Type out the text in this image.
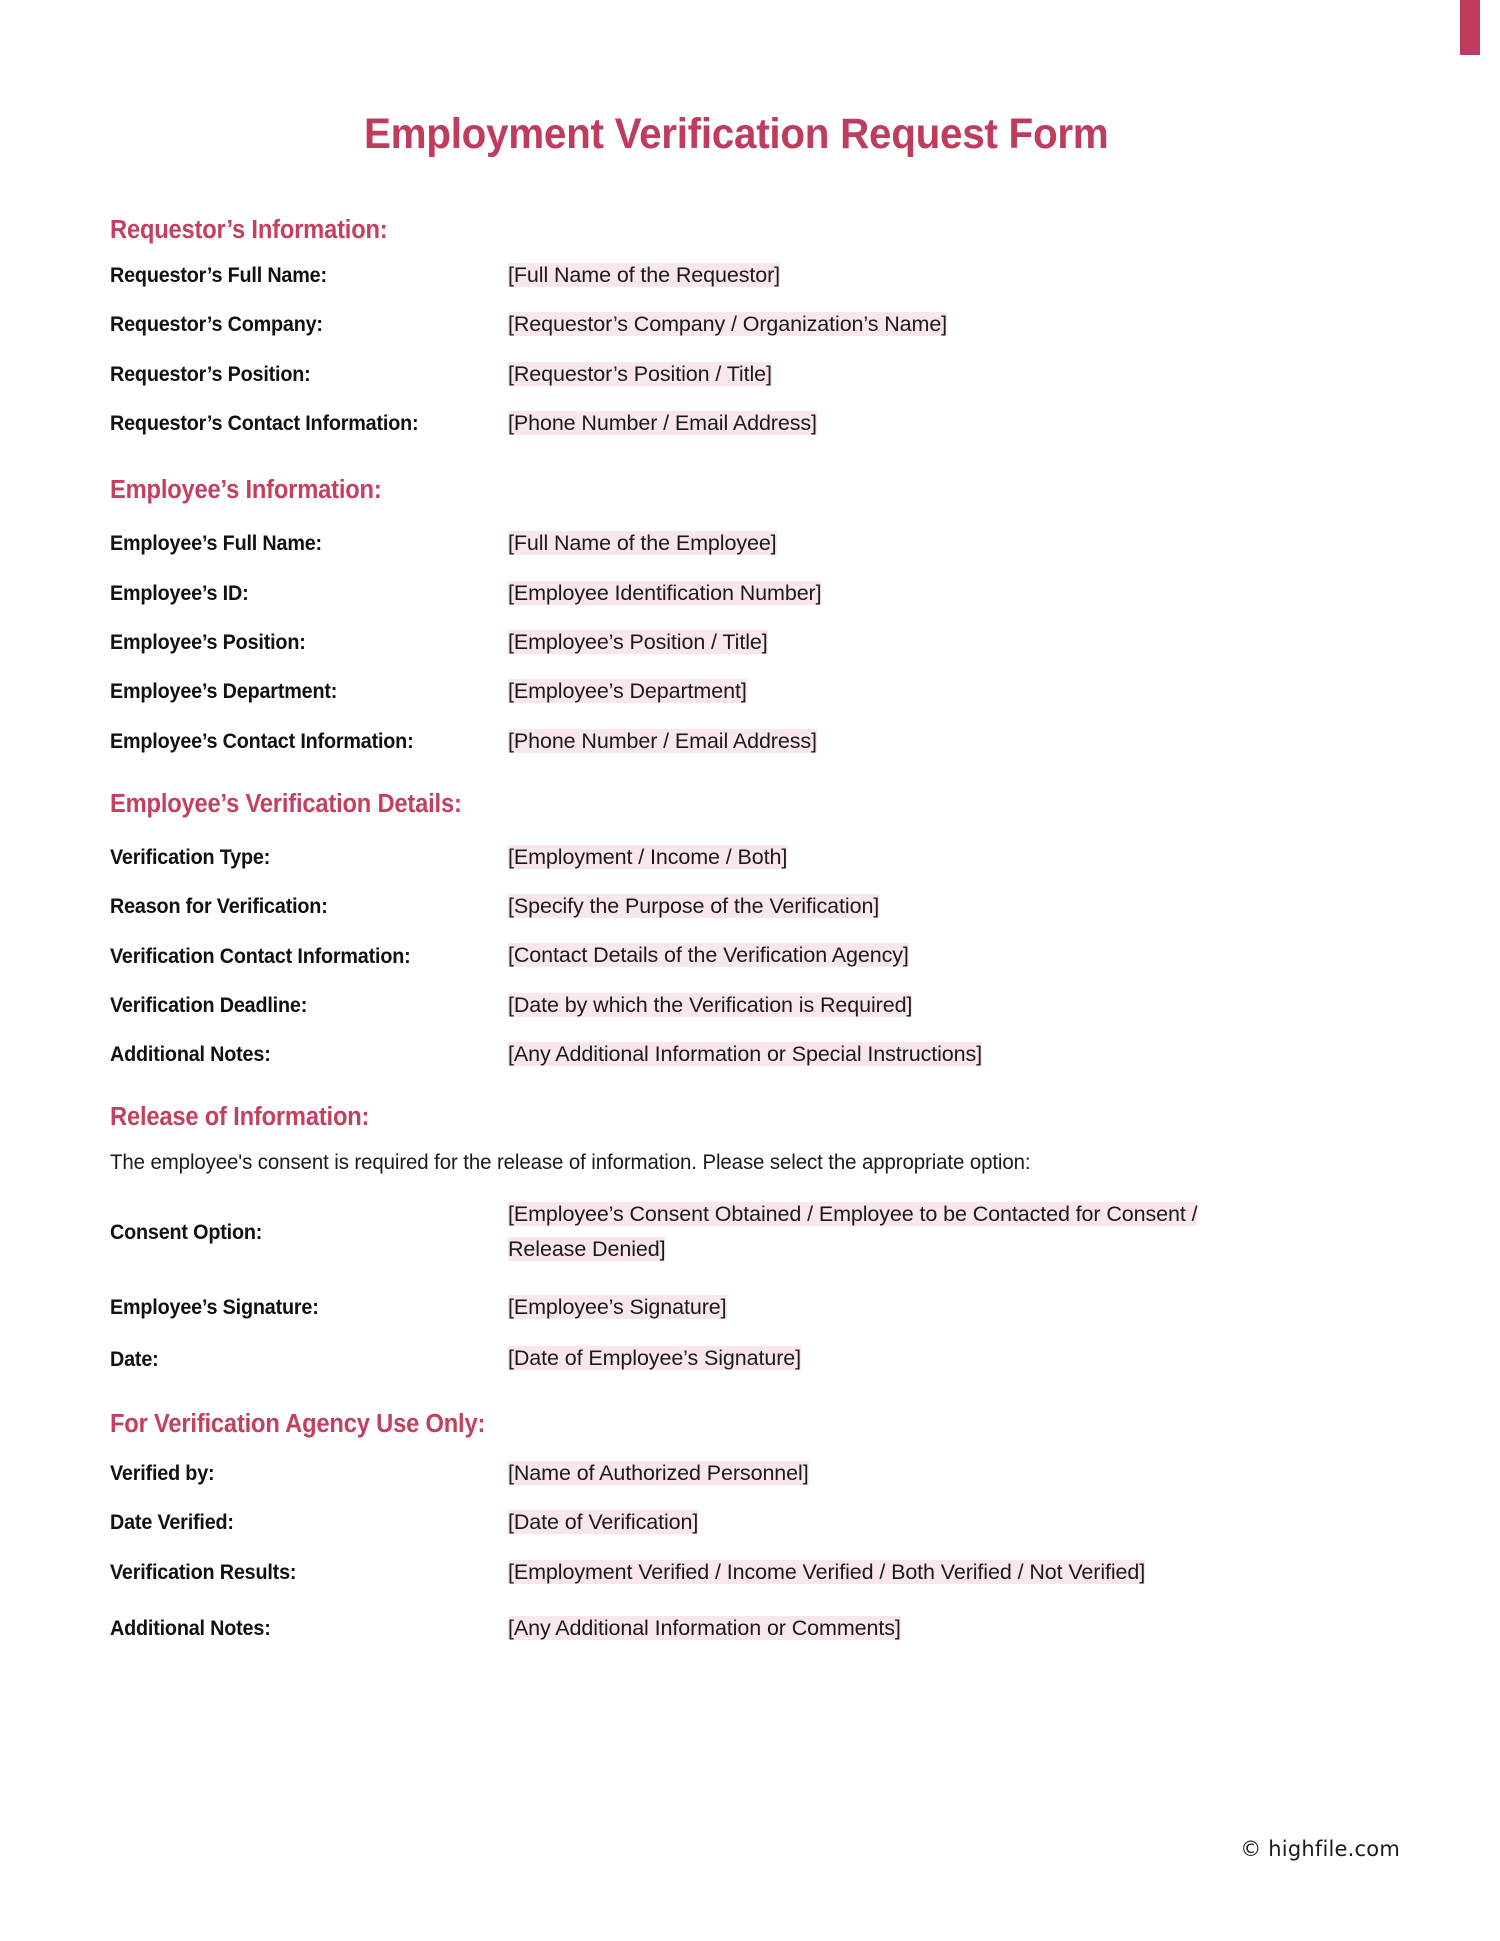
Employment Verification Request Form
Requestor’s Information:
Requestor’s Full Name:	[Full Name of the Requestor]
Requestor’s Company:	[Requestor’s Company / Organization’s Name]
Requestor’s Position:	[Requestor’s Position / Title]
Requestor’s Contact Information:	[Phone Number / Email Address]
Employee’s Information:
Employee’s Full Name:	[Full Name of the Employee]
Employee’s ID:	[Employee Identification Number]
Employee’s Position:	[Employee’s Position / Title]
Employee’s Department:	[Employee’s Department]
Employee’s Contact Information:	[Phone Number / Email Address]
Employee’s Verification Details:
Verification Type:	[Employment / Income / Both]
Reason for Verification:	[Specify the Purpose of the Verification]
Verification Contact Information:	[Contact Details of the Verification Agency]
Verification Deadline:	[Date by which the Verification is Required]
Additional Notes:	[Any Additional Information or Special Instructions]
Release of Information:
The employee's consent is required for the release of information. Please select the appropriate option:
Consent Option:
[Employee’s Consent Obtained / Employee to be Contacted for Consent / Release Denied]
Employee’s Signature:	[Employee’s Signature]
Date:	[Date of Employee’s Signature]
For Verification Agency Use Only:
Verified by:	[Name of Authorized Personnel]
Date Verified:	[Date of Verification]
Verification Results:	[Employment Verified / Income Verified / Both Verified / Not Verified]
Additional Notes:	[Any Additional Information or Comments]
© highfile.com
